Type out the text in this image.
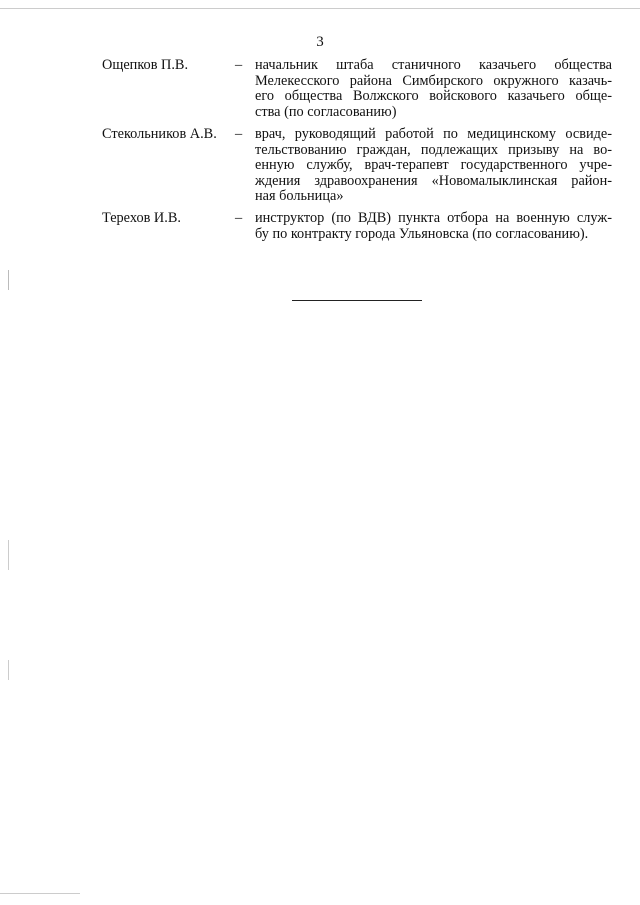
3

Ощепков П.В.	– начальник штаба станичного казачьего общества
Мелекесского района Симбирского окружного казачь-
его общества Волжского войскового казачьего обще-
ства (по согласованию)
Стекольников А.В. – врач, руководящий работой по медицинскому освиде-
тельствованию граждан, подлежащих призыву на во-
енную службу, врач-терапевт государственного учре-
ждения здравоохранения «Новомалыклинская район-
ная больница»
Терехов И.В.	– инструктор (по ВДВ) пункта отбора на военную служ-
бу по контракту города Ульяновска (по согласованию).
